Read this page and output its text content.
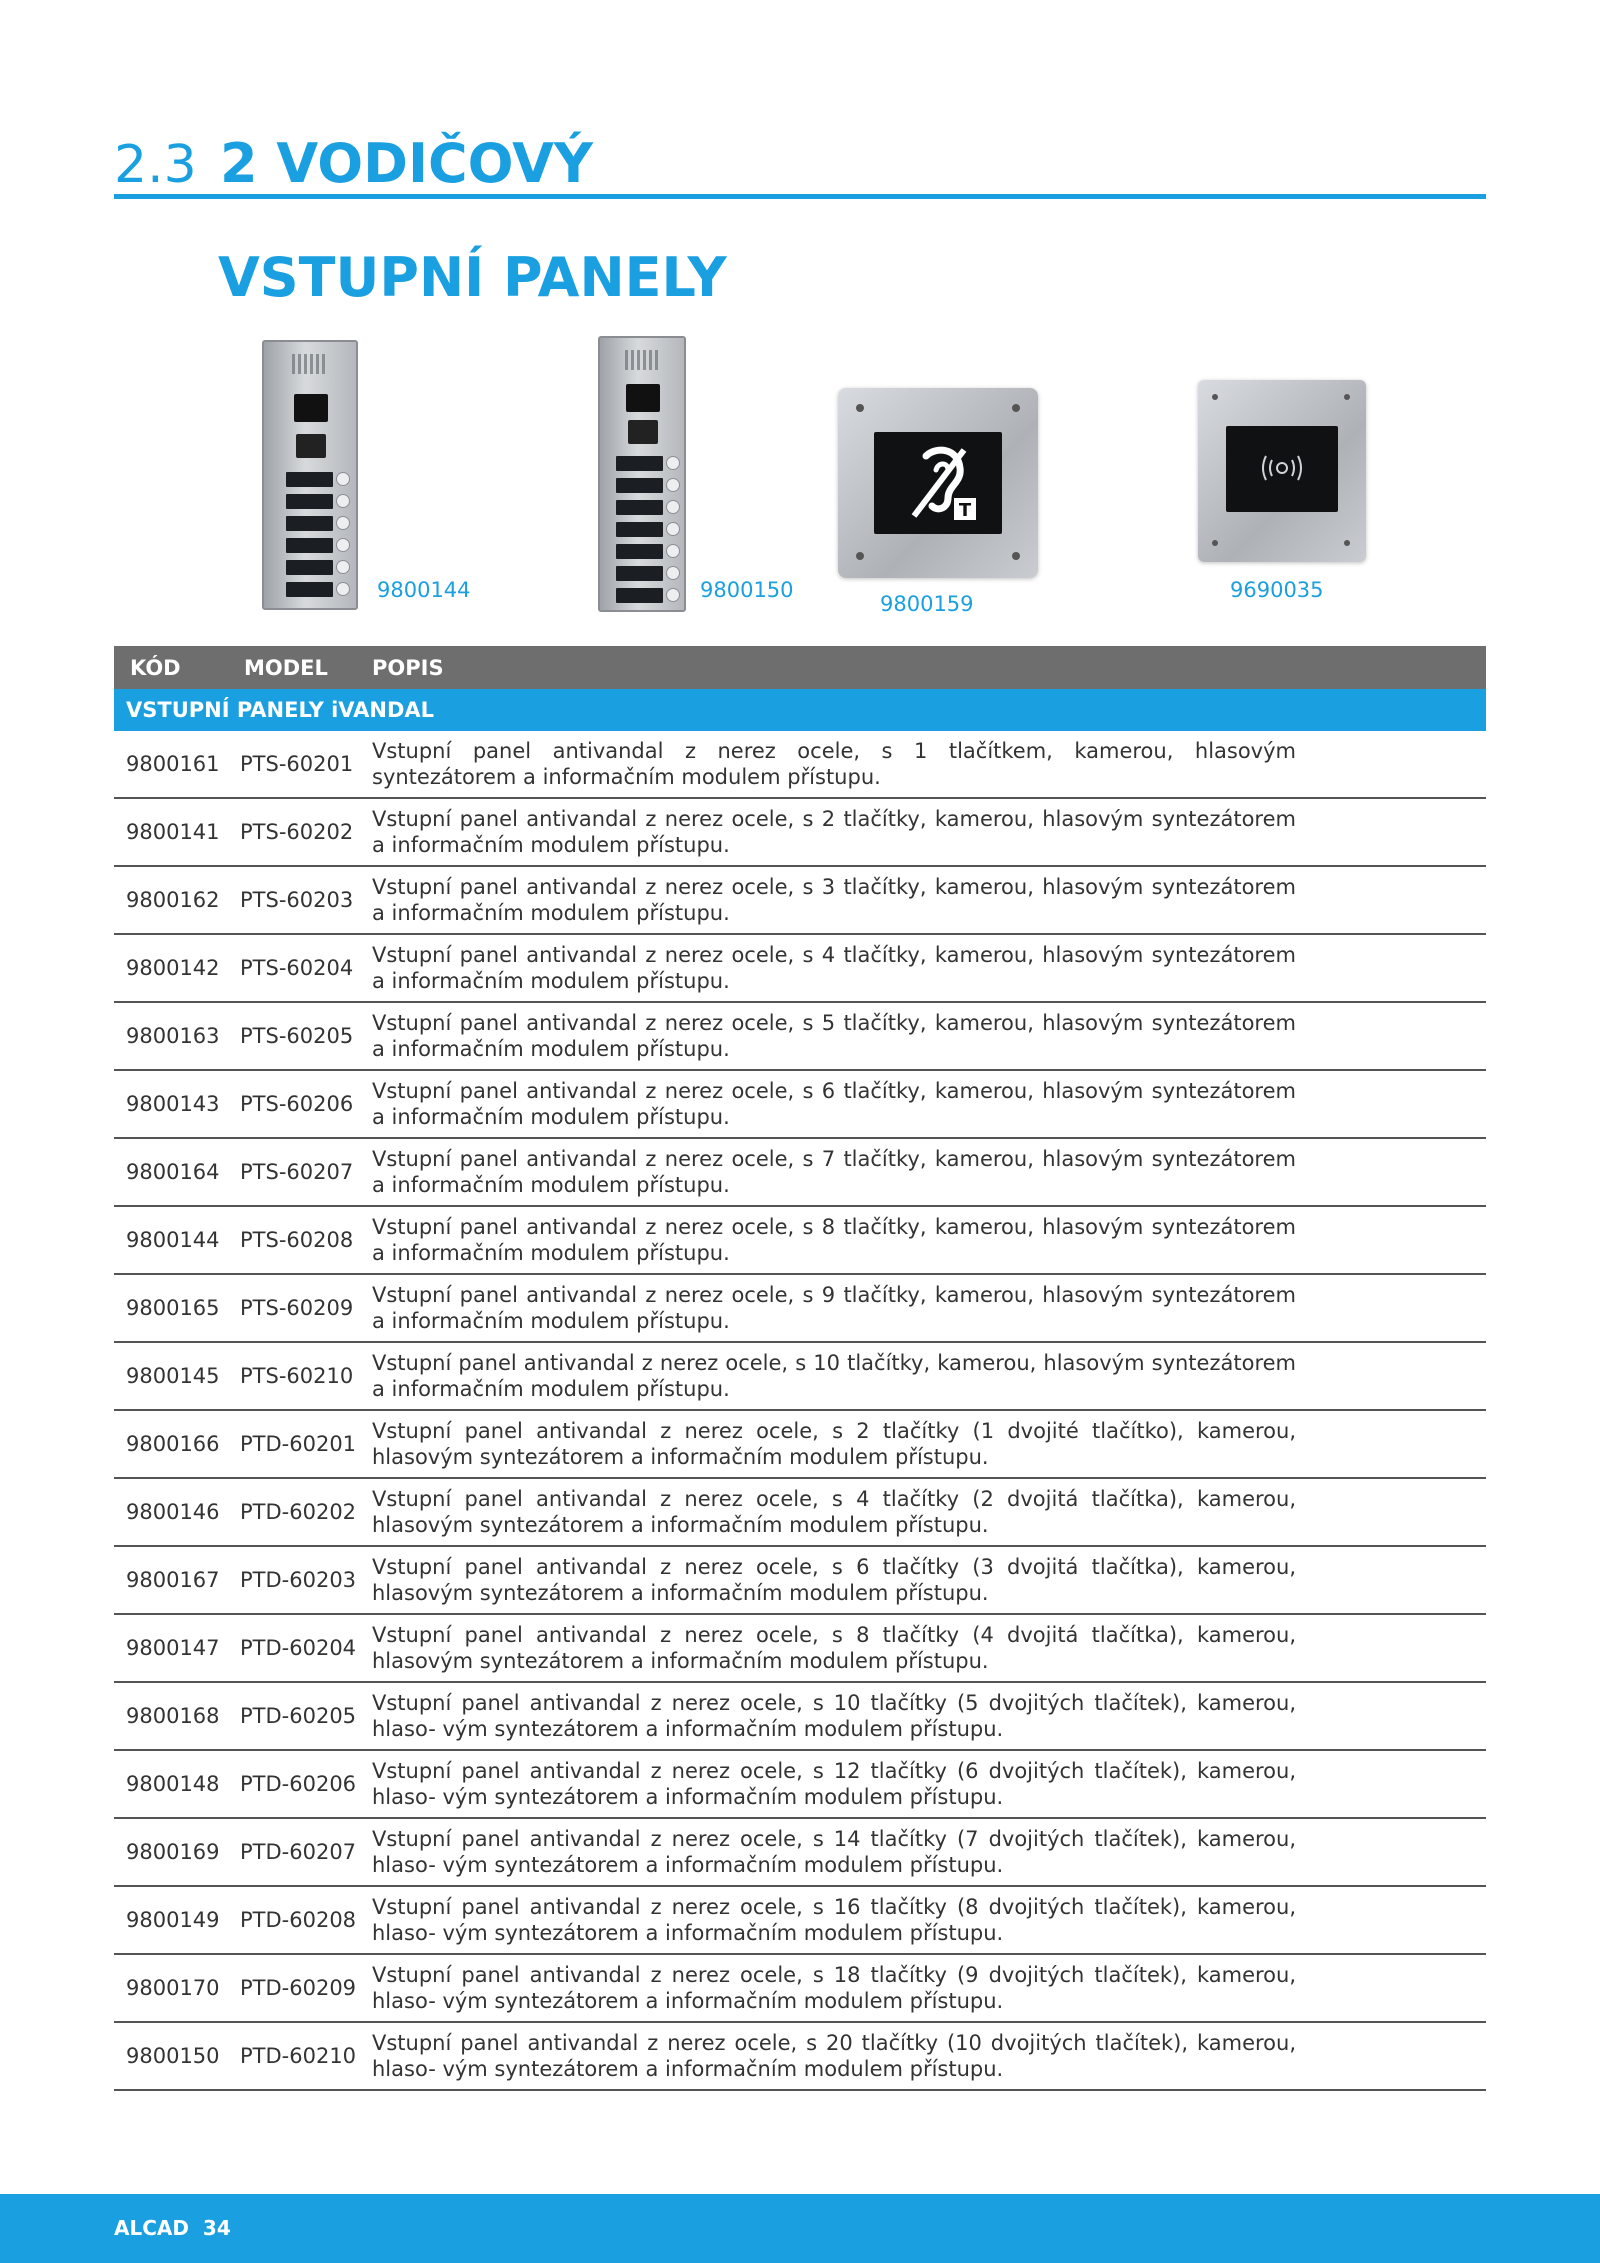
2.3 2 VODIČOVÝ
VSTUPNÍ PANELY
9800144	9800150
T
9800159
9690035
KÓD	MODEL	POPIS
VSTUPNÍ PANELY iVANDAL		
9800161	PTS-60201	Vstupní panel antivandal z nerez ocele, s 1 tlačítkem, kamerou, hlasovým syntezátorem a informačním modulem přístupu.
9800141	PTS-60202	Vstupní panel antivandal z nerez ocele, s 2 tlačítky, kamerou, hlasovým syntezátorem a informačním modulem přístupu.
9800162	PTS-60203	Vstupní panel antivandal z nerez ocele, s 3 tlačítky, kamerou, hlasovým syntezátorem a informačním modulem přístupu.
9800142	PTS-60204	Vstupní panel antivandal z nerez ocele, s 4 tlačítky, kamerou, hlasovým syntezátorem a informačním modulem přístupu.
9800163	PTS-60205	Vstupní panel antivandal z nerez ocele, s 5 tlačítky, kamerou, hlasovým syntezátorem a informačním modulem přístupu.
9800143	PTS-60206	Vstupní panel antivandal z nerez ocele, s 6 tlačítky, kamerou, hlasovým syntezátorem a informačním modulem přístupu.
9800164	PTS-60207	Vstupní panel antivandal z nerez ocele, s 7 tlačítky, kamerou, hlasovým syntezátorem a informačním modulem přístupu.
9800144	PTS-60208	Vstupní panel antivandal z nerez ocele, s 8 tlačítky, kamerou, hlasovým syntezátorem a informačním modulem přístupu.
9800165	PTS-60209	Vstupní panel antivandal z nerez ocele, s 9 tlačítky, kamerou, hlasovým syntezátorem a informačním modulem přístupu.
9800145	PTS-60210	Vstupní panel antivandal z nerez ocele, s 10 tlačítky, kamerou, hlasovým syntezátorem a informačním modulem přístupu.
9800166	PTD-60201	Vstupní panel antivandal z nerez ocele, s 2 tlačítky (1 dvojité tlačítko), kamerou, hlasovým syntezátorem a informačním modulem přístupu.
9800146	PTD-60202	Vstupní panel antivandal z nerez ocele, s 4 tlačítky (2 dvojitá tlačítka), kamerou, hlasovým syntezátorem a informačním modulem přístupu.
9800167	PTD-60203	Vstupní panel antivandal z nerez ocele, s 6 tlačítky (3 dvojitá tlačítka), kamerou, hlasovým syntezátorem a informačním modulem přístupu.
9800147	PTD-60204	Vstupní panel antivandal z nerez ocele, s 8 tlačítky (4 dvojitá tlačítka), kamerou, hlasovým syntezátorem a informačním modulem přístupu.
9800168	PTD-60205	Vstupní panel antivandal z nerez ocele, s 10 tlačítky (5 dvojitých tlačítek), kamerou, hlaso- vým syntezátorem a informačním modulem přístupu.
9800148	PTD-60206	Vstupní panel antivandal z nerez ocele, s 12 tlačítky (6 dvojitých tlačítek), kamerou, hlaso- vým syntezátorem a informačním modulem přístupu.
9800169	PTD-60207	Vstupní panel antivandal z nerez ocele, s 14 tlačítky (7 dvojitých tlačítek), kamerou, hlaso- vým syntezátorem a informačním modulem přístupu.
9800149	PTD-60208	Vstupní panel antivandal z nerez ocele, s 16 tlačítky (8 dvojitých tlačítek), kamerou, hlaso- vým syntezátorem a informačním modulem přístupu.
9800170	PTD-60209	Vstupní panel antivandal z nerez ocele, s 18 tlačítky (9 dvojitých tlačítek), kamerou, hlaso- vým syntezátorem a informačním modulem přístupu.
9800150	PTD-60210	Vstupní panel antivandal z nerez ocele, s 20 tlačítky (10 dvojitých tlačítek), kamerou, hlaso- vým syntezátorem a informačním modulem přístupu.
ALCAD 34
